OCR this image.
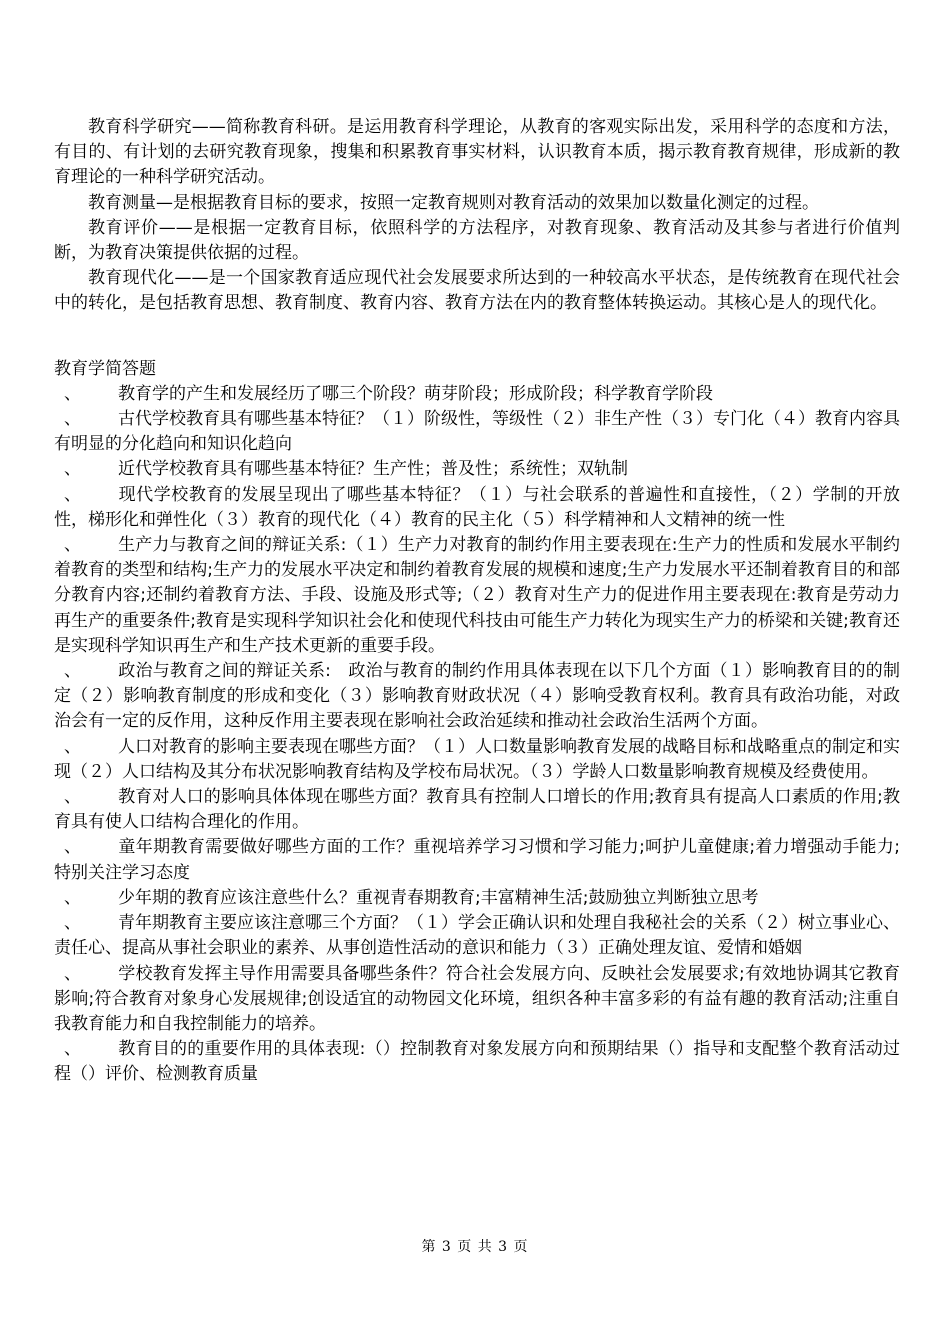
教育科学研究——简称教育科研。是运用教育科学理论，从教育的客观实际出发，采用科学的态度和方法，有目的、有计划的去研究教育现象，搜集和积累教育事实材料，认识教育本质，揭示教育教育规律，形成新的教育理论的一种科学研究活动。

教育测量—是根据教育目标的要求，按照一定教育规则对教育活动的效果加以数量化测定的过程。

教育评价——是根据一定教育目标，依照科学的方法程序，对教育现象、教育活动及其参与者进行价值判断，为教育决策提供依据的过程。

教育现代化——是一个国家教育适应现代社会发展要求所达到的一种较高水平状态，是传统教育在现代社会中的转化，是包括教育思想、教育制度、教育内容、教育方法在内的教育整体转换运动。其核心是人的现代化。

教育学简答题

、 教育学的产生和发展经历了哪三个阶段？萌芽阶段；形成阶段；科学教育学阶段

、 古代学校教育具有哪些基本特征？（１）阶级性，等级性（２）非生产性（３）专门化（４）教育内容具有明显的分化趋向和知识化趋向

、 近代学校教育具有哪些基本特征？生产性；普及性；系统性；双轨制

、 现代学校教育的发展呈现出了哪些基本特征？（１）与社会联系的普遍性和直接性，（２）学制的开放性，梯形化和弹性化（３）教育的现代化（４）教育的民主化（５）科学精神和人文精神的统一性

、 生产力与教育之间的辩证关系:（１）生产力对教育的制约作用主要表现在:生产力的性质和发展水平制约着教育的类型和结构;生产力的发展水平决定和制约着教育发展的规模和速度;生产力发展水平还制着教育目的和部分教育内容;还制约着教育方法、手段、设施及形式等;（２）教育对生产力的促进作用主要表现在:教育是劳动力再生产的重要条件;教育是实现科学知识社会化和使现代科技由可能生产力转化为现实生产力的桥梁和关键;教育还是实现科学知识再生产和生产技术更新的重要手段。

、 政治与教育之间的辩证关系:　政治与教育的制约作用具体表现在以下几个方面（１）影响教育目的的制定（２）影响教育制度的形成和变化（３）影响教育财政状况（４）影响受教育权利。教育具有政治功能，对政治会有一定的反作用，这种反作用主要表现在影响社会政治延续和推动社会政治生活两个方面。

、 人口对教育的影响主要表现在哪些方面？（１）人口数量影响教育发展的战略目标和战略重点的制定和实现（２）人口结构及其分布状况影响教育结构及学校布局状况。（３）学龄人口数量影响教育规模及经费使用。

、 教育对人口的影响具体体现在哪些方面？教育具有控制人口增长的作用;教育具有提高人口素质的作用;教育具有使人口结构合理化的作用。

、 童年期教育需要做好哪些方面的工作？重视培养学习习惯和学习能力;呵护儿童健康;着力增强动手能力;特别关注学习态度

、 少年期的教育应该注意些什么？重视青春期教育;丰富精神生活;鼓励独立判断独立思考

、 青年期教育主要应该注意哪三个方面？（１）学会正确认识和处理自我秘社会的关系（２）树立事业心、责任心、提高从事社会职业的素养、从事创造性活动的意识和能力（３）正确处理友谊、爱情和婚姻

、 学校教育发挥主导作用需要具备哪些条件？符合社会发展方向、反映社会发展要求;有效地协调其它教育影响;符合教育对象身心发展规律;创设适宜的动物园文化环境，组织各种丰富多彩的有益有趣的教育活动;注重自我教育能力和自我控制能力的培养。

、 教育目的的重要作用的具体表现:（）控制教育对象发展方向和预期结果（）指导和支配整个教育活动过程（）评价、检测教育质量

第 3 页 共 3 页
